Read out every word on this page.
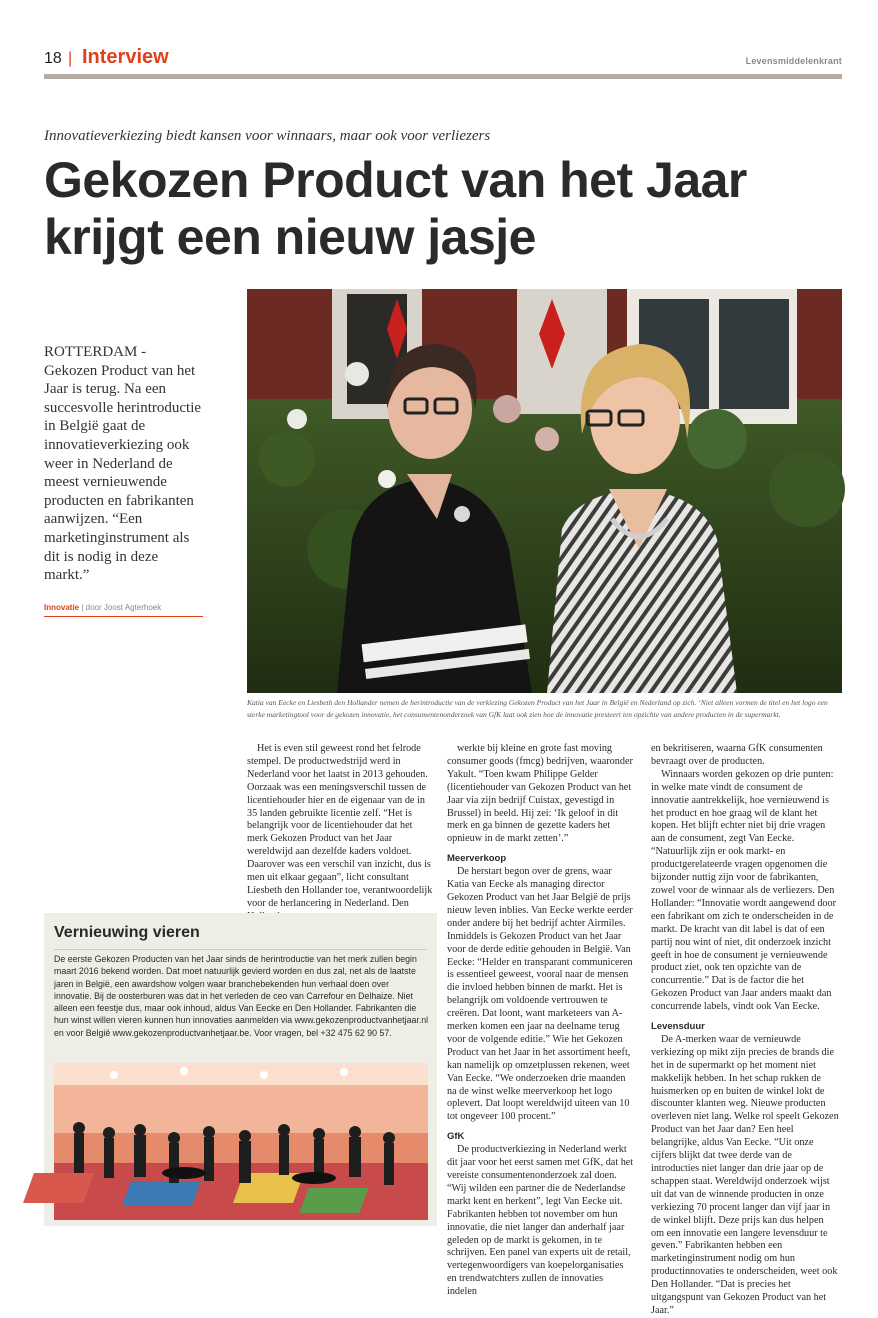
18 | Interview	Levensmiddelenkrant
Innovatieverkiezing biedt kansen voor winnaars, maar ook voor verliezers
Gekozen Product van het Jaar krijgt een nieuw jasje
ROTTERDAM - Gekozen Product van het Jaar is terug. Na een succesvolle herintroductie in België gaat de innovatieverkiezing ook weer in Nederland de meest vernieuwende producten en fabrikanten aanwijzen. “Een marketinginstrument als dit is nodig in deze markt.”
Innovatie | door Joost Agterhoek
Katia van Eecke en Liesbeth den Hollander nemen de herintroductie van de verkiezing Gekozen Product van het Jaar in België en Nederland op zich. ‘Niet alleen vormen de titel en het logo een sterke marketingtool voor de gekozen innovatie, het consumentenonderzoek van GfK laat ook zien hoe de innovatie presteert ten opzichte van andere producten in de supermarkt.

Het is even stil geweest rond het felrode stempel. De productwedstrijd werd in Nederland voor het laatst in 2013 gehouden. Oorzaak was een meningsverschil tussen de licentiehouder hier en de eigenaar van de in 35 landen gebruikte licentie zelf. “Het is belangrijk voor de licentiehouder dat het merk Gekozen Product van het Jaar wereldwijd aan dezelfde kaders voldoet. Daarover was een verschil van inzicht, dus is men uit elkaar gegaan”, licht consultant Liesbeth den Hollander toe, verantwoordelijk voor de herlancering in Nederland. Den

werkte bij kleine en grote fast moving consumer goods (fmcg) bedrijven, waaronder Yakult. “Toen kwam Philippe Gelder (licentiehouder van Gekozen Product van het Jaar via zijn bedrijf Cuistax, gevestigd in Brussel) in beeld. Hij zei: ‘Ik geloof in dit merk en ga binnen de gezette kaders het opnieuw in de markt zetten’.”

Meerverkoop

De herstart begon over de grens, waar Katia van Eecke als managing director Gekozen Product van het Jaar België de prijs nieuw leven inblies. Van Eecke werkte eerder onder andere bij het bedrijf achter Airmiles. Inmiddels is Gekozen Product van het Jaar voor de derde editie gehouden in België. Van Eecke: “Helder en transparant communiceren is essentieel geweest, vooral naar de mensen die invloed hebben binnen de markt. Het is belangrijk om voldoende vertrouwen te creëren. Dat loont, want marketeers van A-merken komen een jaar na deelname terug voor de volgende editie.” Wie het Gekozen Product van het Jaar in het assortiment heeft, kan namelijk op omzetplussen rekenen, weet Van Eecke. “We onderzoeken drie maanden na de winst welke meerverkoop het logo oplevert. Dat loopt wereldwijd uiteen van 10 tot ongeveer 100 procent.”

GfK

De productverkiezing in Nederland werkt dit jaar voor het eerst samen met GfK, dat het vereiste consumentenonderzoek zal doen. “Wij wilden een partner die de Nederlandse markt kent en herkent”, legt Van Eecke uit. Fabrikanten hebben tot november om hun innovatie, die niet langer dan anderhalf jaar geleden op de markt is gekomen, in te schrijven. Een panel van experts uit de retail, vertegenwoordigers van koepelorganisaties en trendwatchters zullen de innovaties indelen

en bekritiseren, waarna GfK consumenten bevraagt over de producten.

Winnaars worden gekozen op drie punten: in welke mate vindt de consument de innovatie aantrekkelijk, hoe vernieuwend is het product en hoe graag wil de klant het kopen. Het blijft echter niet bij drie vragen aan de consument, zegt Van Eecke. “Natuurlijk zijn er ook markt- en productgerelateerde vragen opgenomen die bijzonder nuttig zijn voor de fabrikanten, zowel voor de winnaar als de verliezers. Den Hollander: “Innovatie wordt aangewend door een fabrikant om zich te onderscheiden in de markt. De kracht van dit label is dat of een partij nou wint of niet, dit onderzoek inzicht geeft in hoe de consument je vernieuwende product ziet, ook ten opzichte van de concurrentie.” Dat is de factor die het Gekozen Product van Jaar anders maakt dan concurrende labels, vindt ook Van Eecke.

Levensduur

De A-merken waar de vernieuwde verkiezing op mikt zijn precies de brands die het in de supermarkt op het moment niet makkelijk hebben. In het schap rukken de huismerken op en buiten de winkel lokt de discounter klanten weg. Nieuwe producten overleven niet lang. Welke rol speelt Gekozen Product van het Jaar dan? Een heel belangrijke, aldus Van Eecke. “Uit onze cijfers blijkt dat twee derde van de introducties niet langer dan drie jaar op de schappen staat. Wereldwijd onderzoek wijst uit dat van de winnende producten in onze verkiezing 70 procent langer dan vijf jaar in de winkel blijft. Deze prijs kan dus helpen om een innovatie een langere levensduur te geven.” Fabrikanten hebben een marketinginstrument nodig om hun productinnovaties te onderscheiden, weet ook Den Hollander. “Dat is precies het uitgangspunt van Gekozen Product van het Jaar.”

Vernieuwing vieren
De eerste Gekozen Producten van het Jaar sinds de herintroductie van het merk zullen begin maart 2016 bekend worden. Dat moet natuurlijk gevierd worden en dus zal, net als de laatste jaren in België, een awardshow volgen waar branchebekenden hun verhaal doen over innovatie. Bij de oosterburen was dat in het verleden de ceo van Carrefour en Delhaize. Niet alleen een feestje dus, maar ook inhoud, aldus Van Eecke en Den Hollander. Fabrikanten die hun winst willen vieren kunnen hun innovaties aanmelden via www.gekozenproductvanhetjaar.nl en voor België www.gekozenproductvanhetjaar.be. Voor vragen, bel +32 475 62 90 57.
